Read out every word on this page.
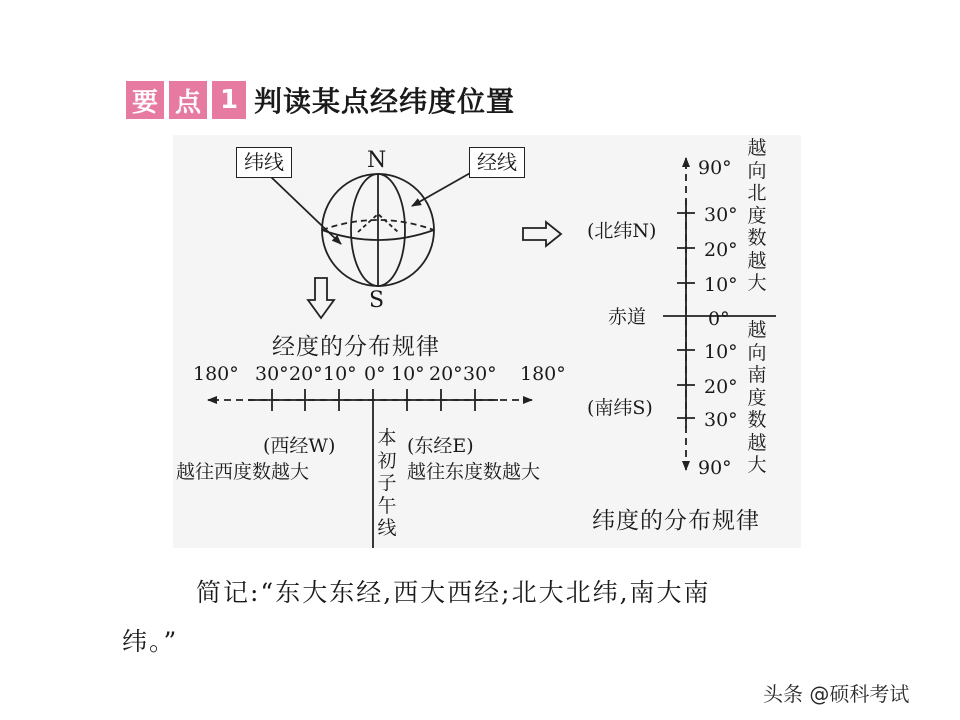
要 点 1 判读某点经纬度位置
N
S
纬线	经线
经度的分布规律
180° 30° 20° 10° 0° 10° 20° 30° 180°
(西经W)
越往西度数越大
(东经E)
越往东度数越大
本初子午线
90°
30°
20°
10°
0°
10°
20°
30°
90°
赤道
(北纬N)
(南纬S)
越向北度数越大
越向南度数越大
纬度的分布规律
简记:“东大东经,西大西经;北大北纬,南大南
纬。”
头条 @硕科考试
